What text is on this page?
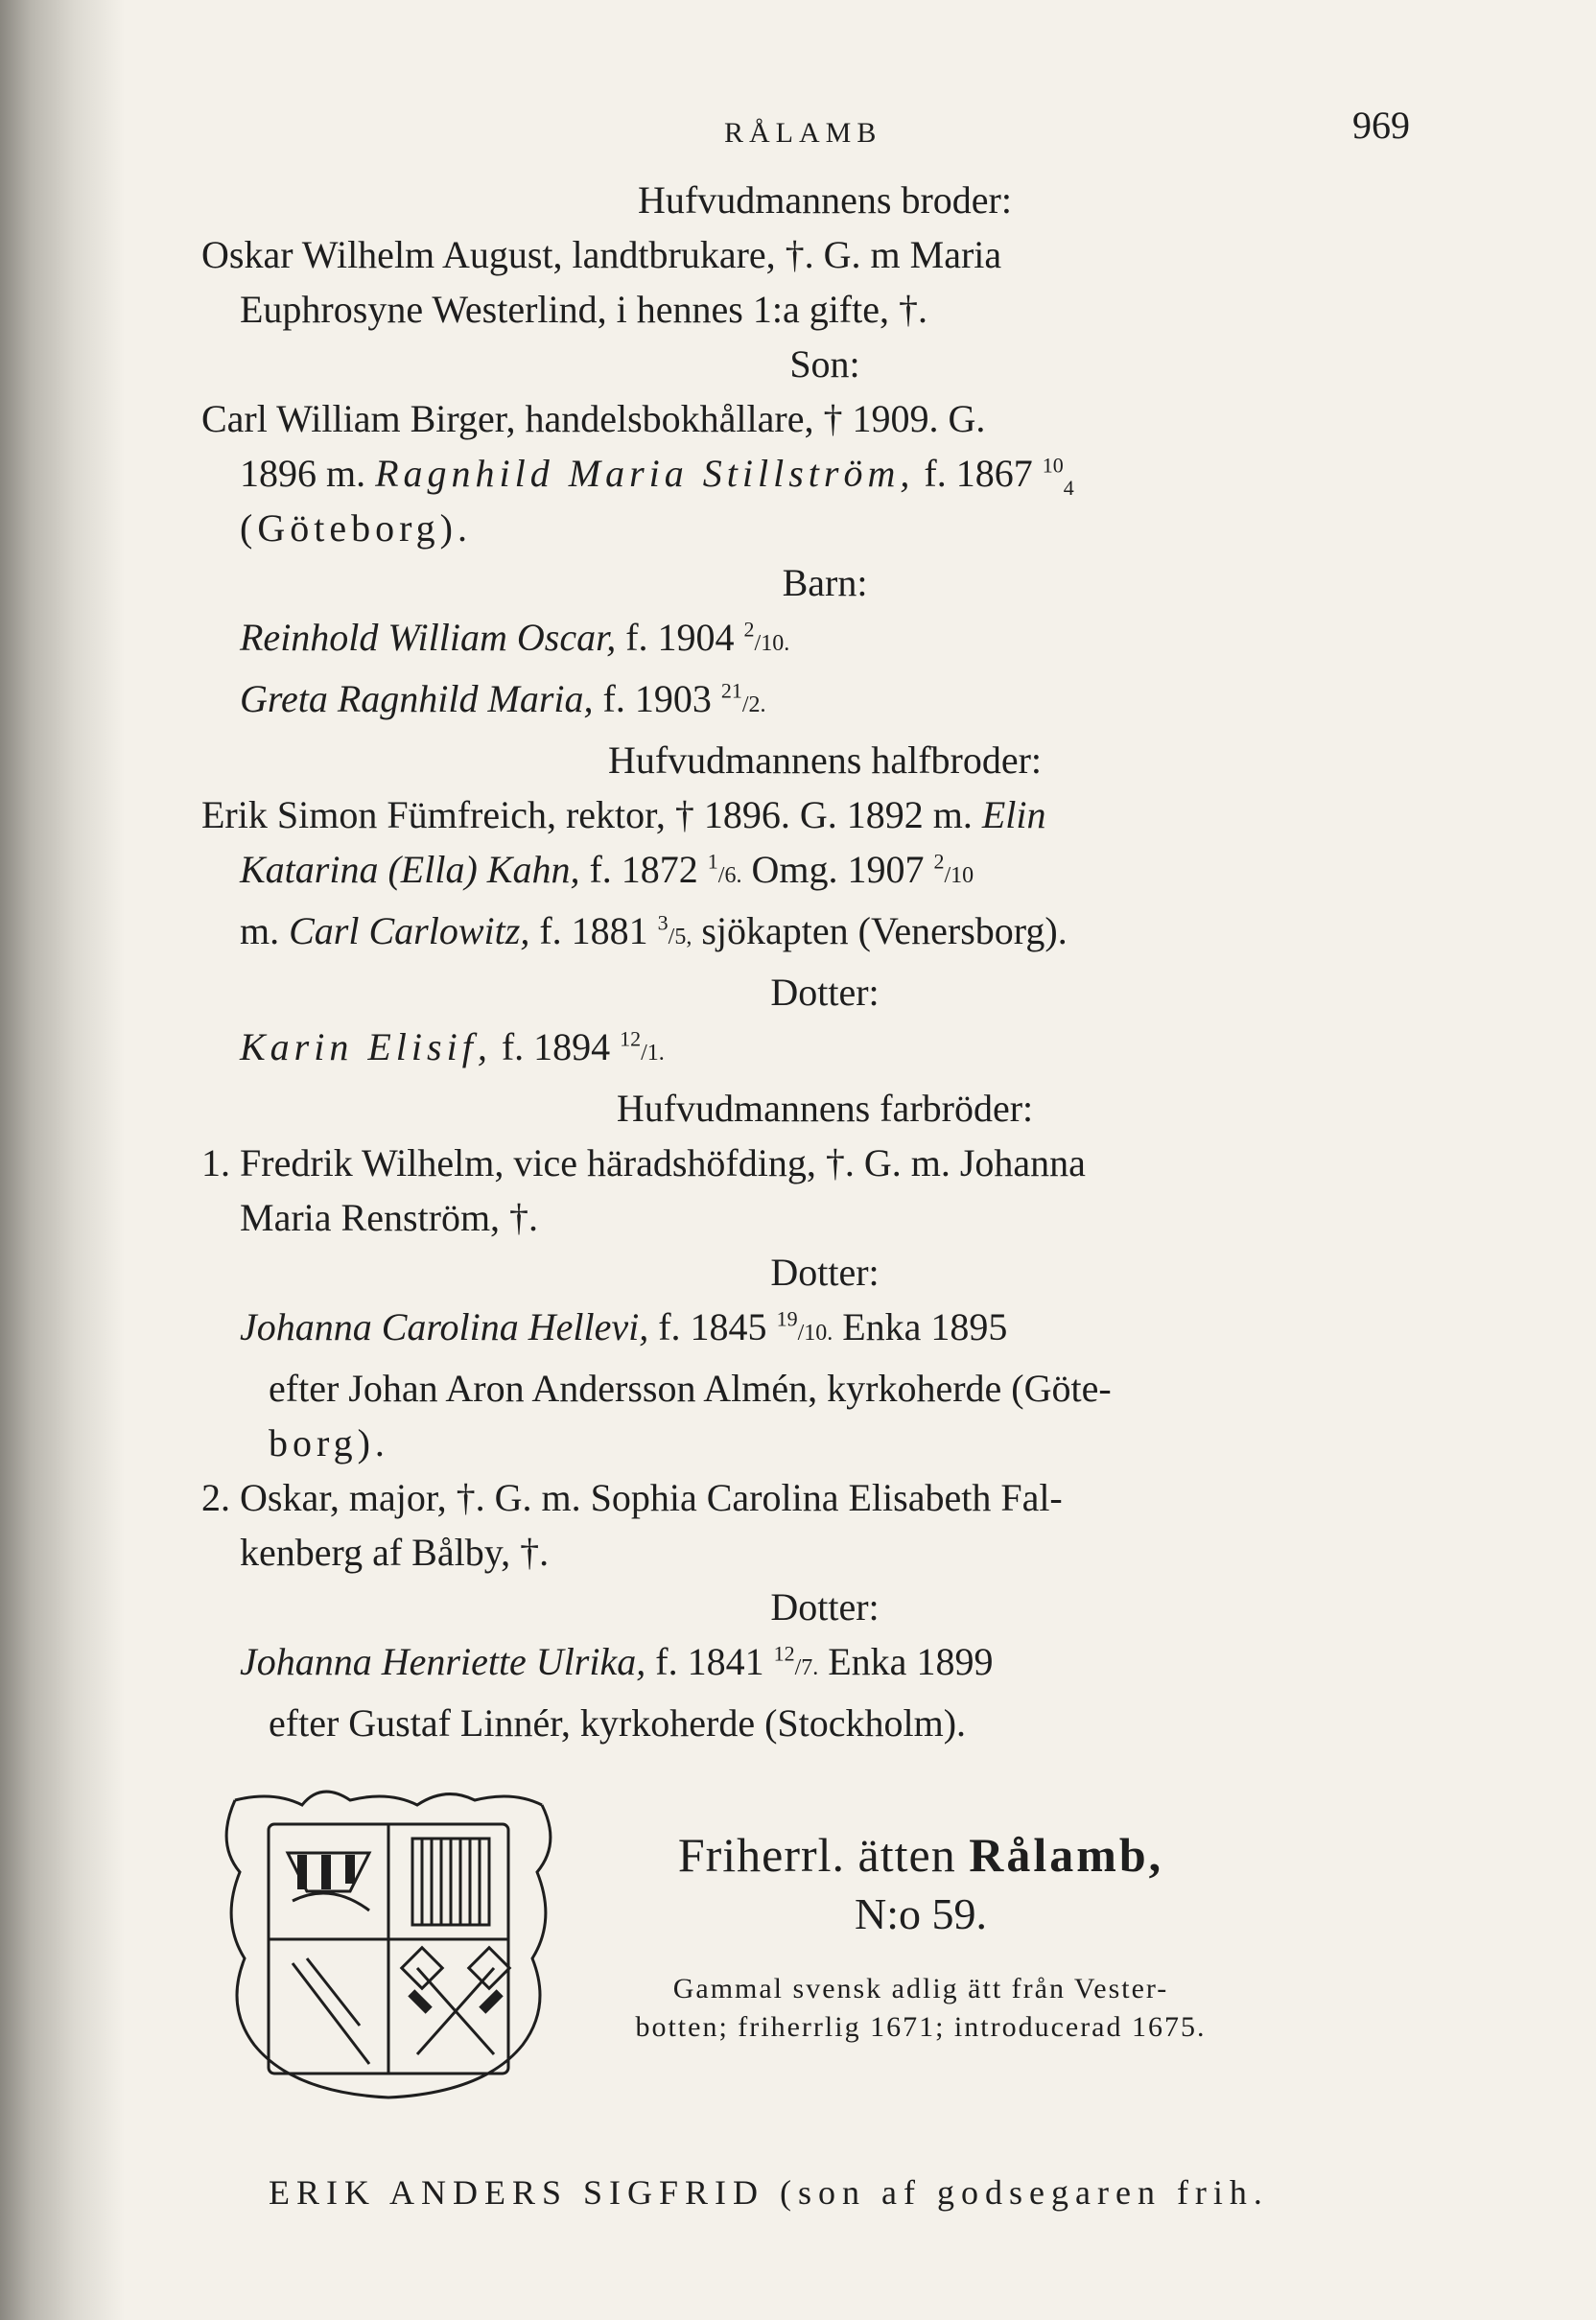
RÅLAMB	969
Hufvudmannens broder:
Oskar Wilhelm August, landtbrukare, †. G. m Maria
Euphrosyne Westerlind, i hennes 1:a gifte, †.
Son:
Carl William Birger, handelsbokhållare, † 1909. G.
1896 m. Ragnhild Maria Stillström, f. 1867 $^{10}_4$
(Göteborg).
Barn:
Reinhold William Oscar, f. 1904 $^2$/10.
Greta Ragnhild Maria, f. 1903 $^{21}$/2.
Hufvudmannens halfbroder:
Erik Simon Fümfreich, rektor, † 1896. G. 1892 m. Elin
Katarina (Ella) Kahn, f. 1872 $^1$/6. Omg. 1907 $^2$/10
m. Carl Carlowitz, f. 1881 $^3$/5, sjökapten (Venersborg).
Dotter:
Karin Elisif, f. 1894 $^{12}$/1.
Hufvudmannens farbröder:
1. Fredrik Wilhelm, vice häradshöfding, †. G. m. Johanna
Maria Renström, †.
Dotter:
Johanna Carolina Hellevi, f. 1845 $^{19}$/10. Enka 1895
efter Johan Aron Andersson Almén, kyrkoherde (Göte-
borg).
2. Oskar, major, †. G. m. Sophia Carolina Elisabeth Fal-
kenberg af Bålby, †.
Dotter:
Johanna Henriette Ulrika, f. 1841 $^{12}$/7. Enka 1899
efter Gustaf Linnér, kyrkoherde (Stockholm).
Friherrl. ätten Rålamb,
N:o 59.
Gammal svensk adlig ätt från Vester-
botten; friherrlig 1671; introducerad 1675.
ERIK ANDERS SIGFRID (son af godsegaren frih.
